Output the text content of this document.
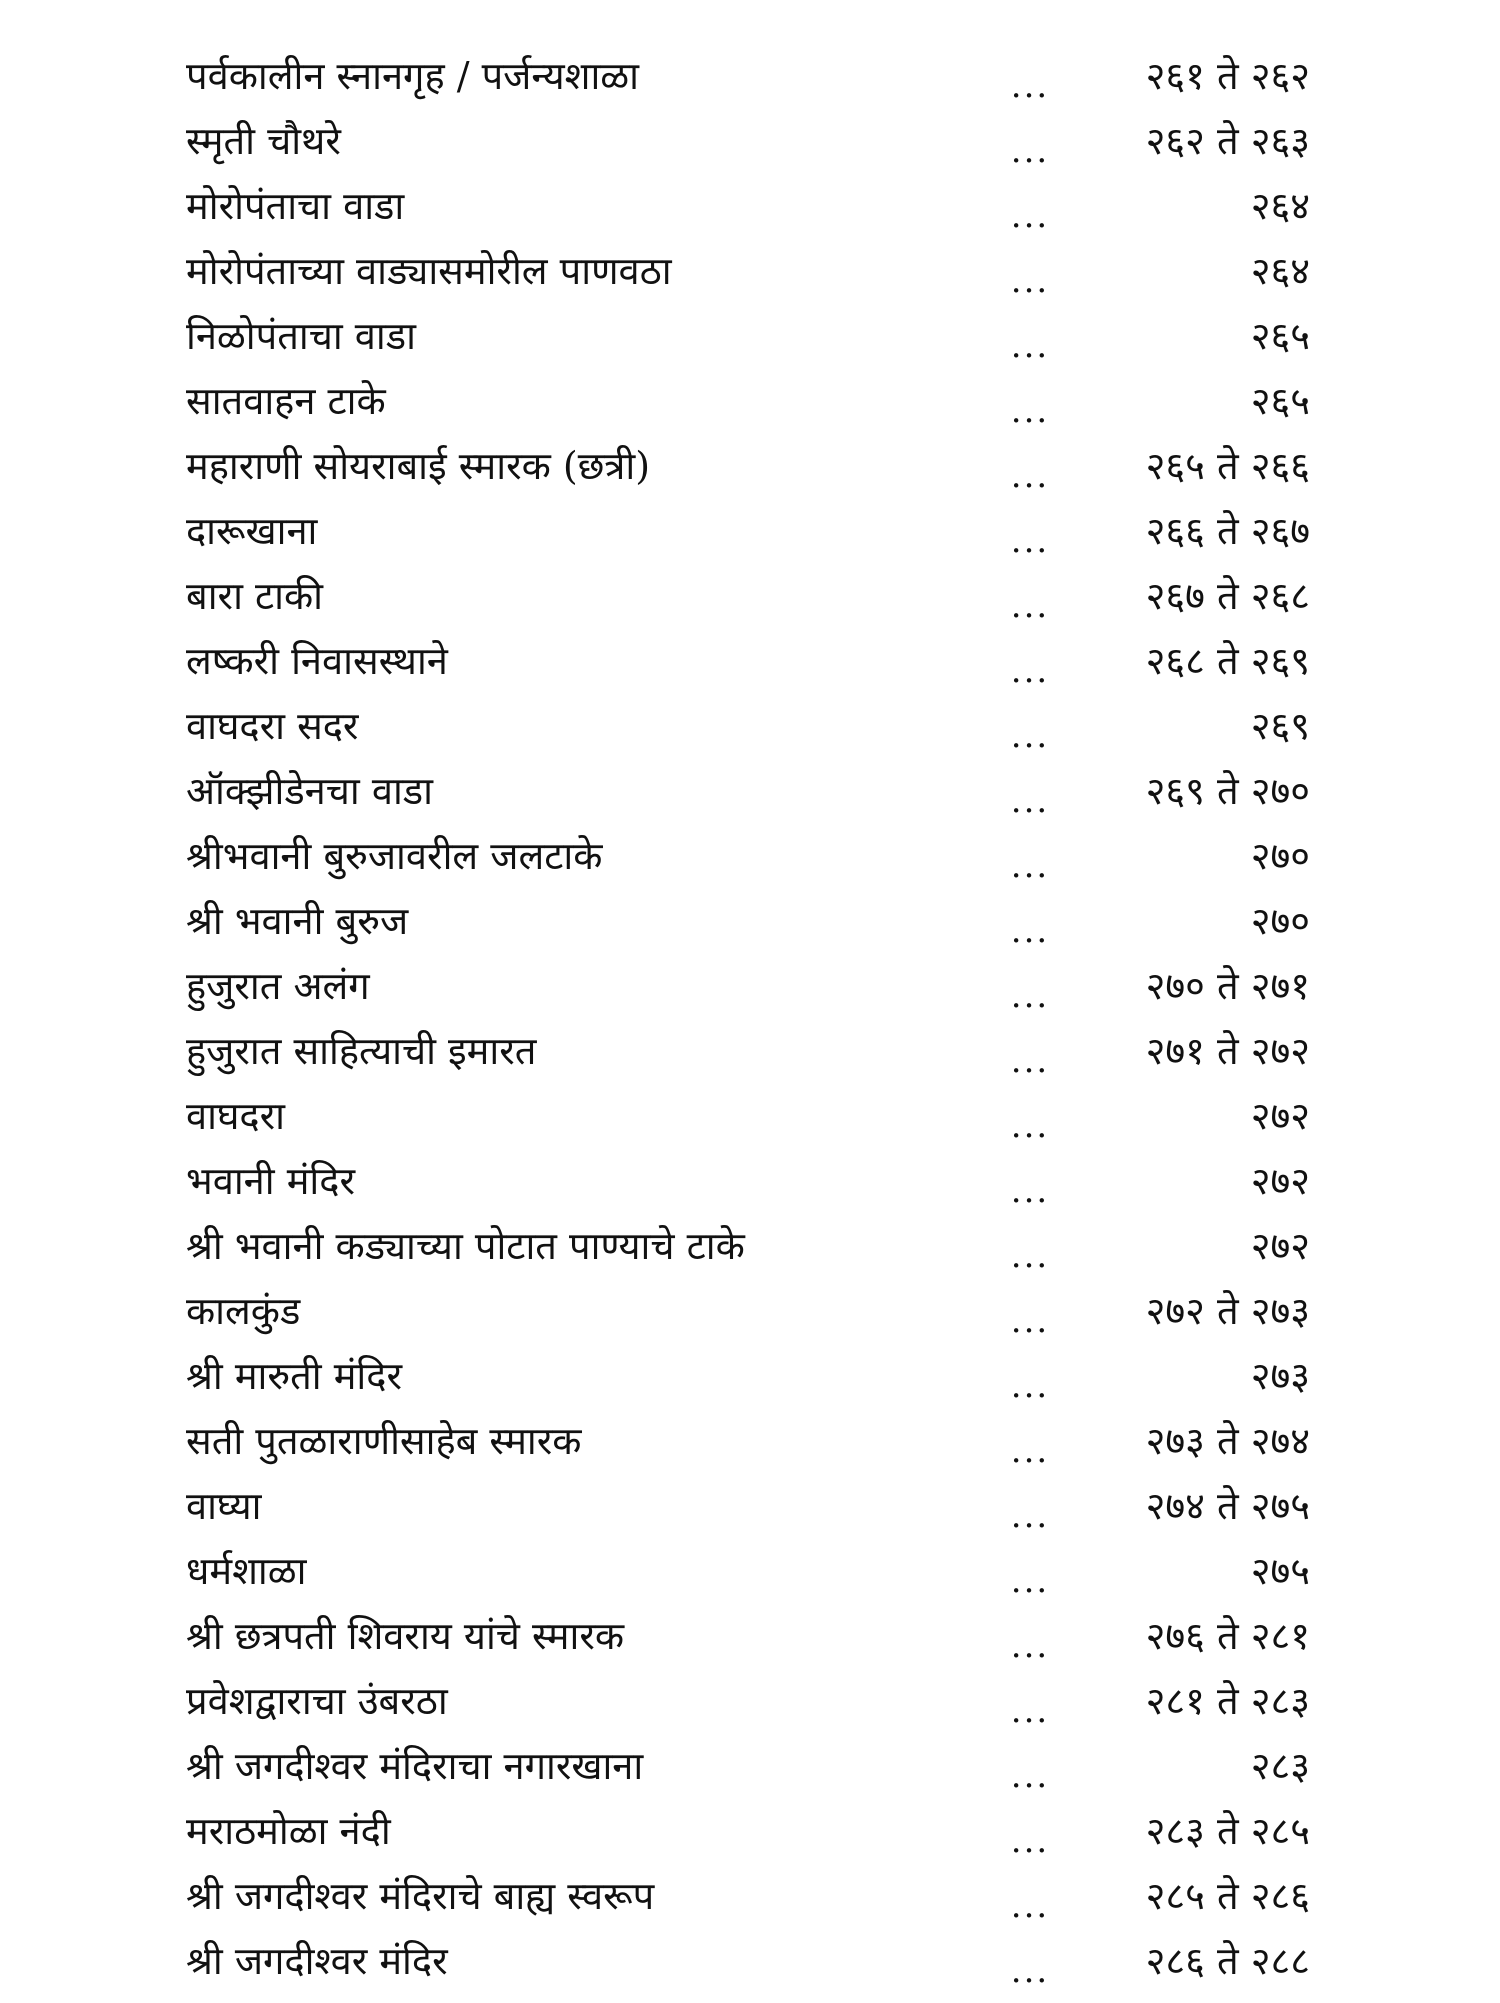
पर्वकालीन स्नानगृह / पर्जन्यशाळा	...	२६१ ते २६२
स्मृती चौथरे	...	२६२ ते २६३
मोरोपंताचा वाडा	...	२६४
मोरोपंताच्या वाड्यासमोरील पाणवठा	...	२६४
निळोपंताचा वाडा	...	२६५
सातवाहन टाके	...	२६५
महाराणी सोयराबाई स्मारक (छत्री)	...	२६५ ते २६६
दारूखाना	...	२६६ ते २६७
बारा टाकी	...	२६७ ते २६८
लष्करी निवासस्थाने	...	२६८ ते २६९
वाघदरा सदर	...	२६९
ऑक्झीडेनचा वाडा	...	२६९ ते २७०
श्रीभवानी बुरुजावरील जलटाके	...	२७०
श्री भवानी बुरुज	...	२७०
हुजुरात अलंग	...	२७० ते २७१
हुजुरात साहित्याची इमारत	...	२७१ ते २७२
वाघदरा	...	२७२
भवानी मंदिर	...	२७२
श्री भवानी कड्याच्या पोटात पाण्याचे टाके	...	२७२
कालकुंड	...	२७२ ते २७३
श्री मारुती मंदिर	...	२७३
सती पुतळाराणीसाहेब स्मारक	...	२७३ ते २७४
वाघ्या	...	२७४ ते २७५
धर्मशाळा	...	२७५
श्री छत्रपती शिवराय यांचे स्मारक	...	२७६ ते २८१
प्रवेशद्वाराचा उंबरठा	...	२८१ ते २८३
श्री जगदीश्वर मंदिराचा नगारखाना	...	२८३
मराठमोळा नंदी	...	२८३ ते २८५
श्री जगदीश्वर मंदिराचे बाह्य स्वरूप	...	२८५ ते २८६
श्री जगदीश्वर मंदिर	...	२८६ ते २८८
